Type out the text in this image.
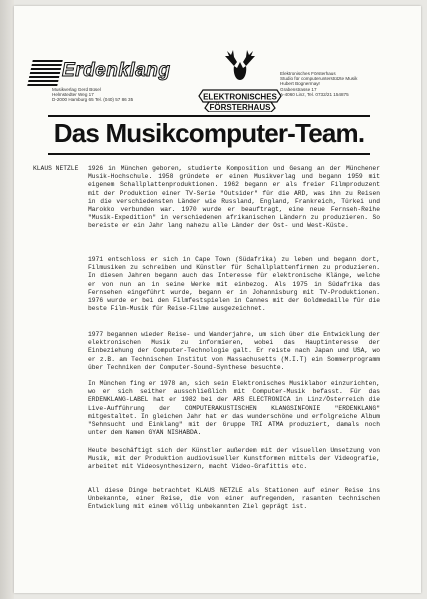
Erdenklang
Musikverlag Gerd Büsel
Helmstedter Weg 17
D-2000 Hamburg 65 Tel. (040) 57 86 35	ELEKTRONISCHES
FÖRSTERHAUS
Elektronisches Försterhaus
Studio für computerunterstützte Musik
Hubert Bognermayr
Grabenstrasse 17
A-4060 Linz, Tel. 0732/21 154875
Das Musikcomputer-Team.
KLAUS NETZLE 1926 in München geboren, studierte Komposition und Gesang an der Münchener Musik-Hochschule. 1958 gründete er einen Musikverlag und begann 1959 mit eigenem Schallplattenproduktionen. 1962 begann er als freier Filmproduzent mit der Produktion einer TV-Serie "Outsider" für die ARD, was ihn zu Reisen in die verschiedensten Länder wie Russland, England, Frankreich, Türkei und Marokko verbunden war. 1970 wurde er beauftragt, eine neue Fernseh-Reihe "Musik-Expedition" in verschiedenen afrikanischen Ländern zu produzieren. So bereiste er ein Jahr lang nahezu alle Länder der Ost- und West-Küste.

1971 entschloss er sich in Cape Town (Südafrika) zu leben und begann dort, Filmusiken zu schreiben und Künstler für Schallplattenfirmen zu produzieren. In diesen Jahren begann auch das Interesse für elektronische Klänge, welche er von nun an in seine Werke mit einbezog. Als 1975 in Südafrika das Fernsehen eingeführt wurde, begann er in Johannisburg mit TV-Produktionen. 1976 wurde er bei den Filmfestspielen in Cannes mit der Goldmedaille für die beste Film-Musik für Reise-Filme ausgezeichnet.

1977 begannen wieder Reise- und Wanderjahre, um sich über die Entwicklung der elektronischen Musik zu informieren, wobei das Hauptinteresse der Einbeziehung der Computer-Technologie galt. Er reiste nach Japan und USA, wo er z.B. am Technischen Institut von Massachusetts (M.I.T) ein Sommerprogramm über Techniken der Computer-Sound-Synthese besuchte.

In München fing er 1978 an, sich sein Elektronisches Musiklabor einzurichten, wo er sich seither ausschließlich mit Computer-Musik befasst. Für das ERDENKLANG-LABEL hat er 1982 bei der ARS ELECTRONICA in Linz/Österreich die Live-Aufführung der COMPUTERAKUSTISCHEN KLANGSINFONIE "ERDENKLANG" mitgestaltet. In gleichen Jahr hat er das wunderschöne und erfolgreiche Album "Sehnsucht und Einklang" mit der Gruppe TRI ATMA produziert, damals noch unter dem Namen GYAN NISHABDA.

Heute beschäftigt sich der Künstler außerdem mit der visuellen Umsetzung von Musik, mit der Produktion audiovisueller Kunstformen mittels der Videografie, arbeitet mit Videosynthesizern, macht Video-Grafittis etc.

All diese Dinge betrachtet KLAUS NETZLE als Stationen auf einer Reise ins Unbekannte, einer Reise, die von einer aufregenden, rasanten technischen Entwicklung mit einem völlig unbekannten Ziel geprägt ist.
